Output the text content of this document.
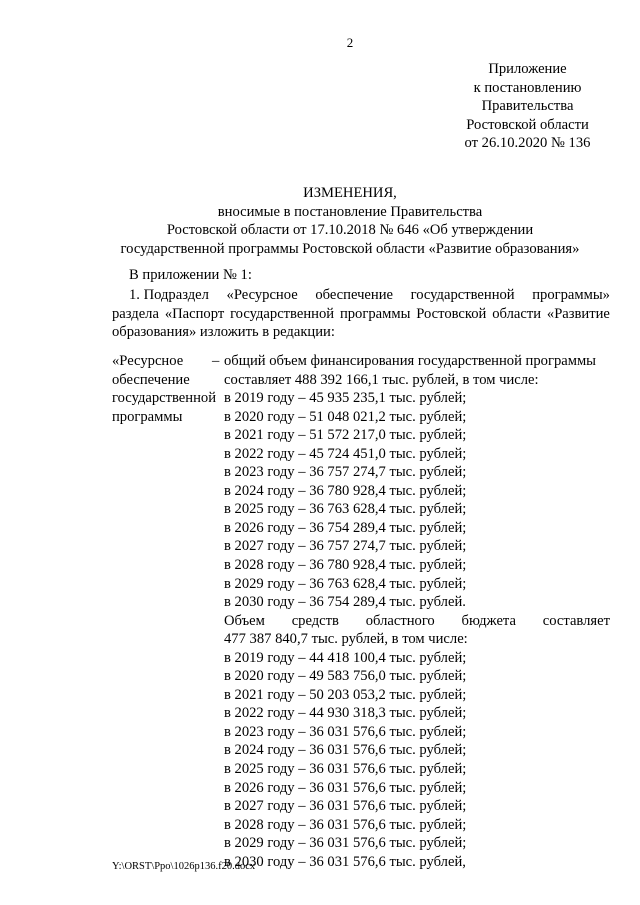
2
Приложение
к постановлению
Правительства
Ростовской области
от 26.10.2020 № 136
ИЗМЕНЕНИЯ,
вносимые в постановление Правительства
Ростовской области от 17.10.2018 № 646 «Об утверждении
государственной программы Ростовской области «Развитие образования»
В приложении № 1:
1. Подраздел «Ресурсное обеспечение государственной программы»
раздела «Паспорт государственной программы Ростовской области «Развитие
образования» изложить в редакции:
«Ресурсное
обеспечение
государственной
программы
– общий объем финансирования государственной программы
составляет 488 392 166,1 тыс. рублей, в том числе:
в 2019 году – 45 935 235,1 тыс. рублей;
в 2020 году – 51 048 021,2 тыс. рублей;
в 2021 году – 51 572 217,0 тыс. рублей;
в 2022 году – 45 724 451,0 тыс. рублей;
в 2023 году – 36 757 274,7 тыс. рублей;
в 2024 году – 36 780 928,4 тыс. рублей;
в 2025 году – 36 763 628,4 тыс. рублей;
в 2026 году – 36 754 289,4 тыс. рублей;
в 2027 году – 36 757 274,7 тыс. рублей;
в 2028 году – 36 780 928,4 тыс. рублей;
в 2029 году – 36 763 628,4 тыс. рублей;
в 2030 году – 36 754 289,4 тыс. рублей.
Объем средств областного бюджета составляет
477 387 840,7 тыс. рублей, в том числе:
в 2019 году – 44 418 100,4 тыс. рублей;
в 2020 году – 49 583 756,0 тыс. рублей;
в 2021 году – 50 203 053,2 тыс. рублей;
в 2022 году – 44 930 318,3 тыс. рублей;
в 2023 году – 36 031 576,6 тыс. рублей;
в 2024 году – 36 031 576,6 тыс. рублей;
в 2025 году – 36 031 576,6 тыс. рублей;
в 2026 году – 36 031 576,6 тыс. рублей;
в 2027 году – 36 031 576,6 тыс. рублей;
в 2028 году – 36 031 576,6 тыс. рублей;
в 2029 году – 36 031 576,6 тыс. рублей;
в 2030 году – 36 031 576,6 тыс. рублей,
Y:\ORST\Ppo\1026p136.f20.docx
